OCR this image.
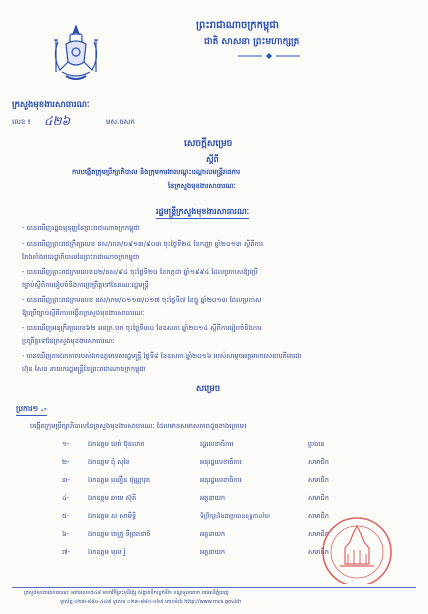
ព្រះរាជាណាចក្រកម្ពុជា
ជាតិ សាសនា ព្រះមហាក្សត្រ
ក្រសួងមុខងារសាធារណៈ
លេខ ៖ ៤២៦	មស.ចសក
សេចក្តីសម្រេច
ស្តីពី
ការបង្កើតក្រុមប្រឹក្សាភិបាល និងក្រុមការងារបណ្តុះបណ្តាលមន្ត្រីរាជការ
នៃក្រសួងមុខងារសាធារណៈ
រដ្ឋមន្ត្រីក្រសួងមុខងារសាធារណៈ
- បានឃើញរដ្ឋធម្មនុញ្ញនៃព្រះរាជាណាចក្រកម្ពុជា
- បានឃើញព្រះរាជក្រឹត្យលេខ នស/រកត/០៩១៣/៩០៣ ចុះថ្ងៃទី២៤ ខែកញ្ញា ឆ្នាំ២០១៣ ស្តីពីការ
តែងតាំងរាជរដ្ឋាភិបាលនៃព្រះរាជាណាចក្រកម្ពុជា
- បានឃើញព្រះរាជក្រមលេខ០២/នស/៩៤ ចុះថ្ងៃទី២០ ខែកក្កដា ឆ្នាំ១៩៩៤ ដែលប្រកាសឱ្យប្រើ
ច្បាប់ស្តីពីការរៀបចំនិងការប្រព្រឹត្តទៅនៃគណៈរដ្ឋមន្ត្រី
- បានឃើញព្រះរាជក្រមលេខ នស/រកម/០១១៣/០១៧ ចុះថ្ងៃទី៧ ខែធ្នូ ឆ្នាំ២០១៣ ដែលប្រកាស
ឱ្យប្រើច្បាប់ស្តីពីការបង្កើតក្រសួងមុខងារសាធារណៈ
- បានឃើញអនុក្រឹត្យលេខ៦២ អនក្រ.បក ចុះថ្ងៃទី៣០ ខែឧសភា ឆ្នាំ២០១៤ ស្តីពីការរៀបចំនិងការ
ប្រព្រឹត្តទៅនៃក្រសួងមុខងារសាធារណៈ
- បានឃើញការឯកភាពរបស់ឯកឧត្តមទេសរដ្ឋមន្ត្រី ថ្ងៃទី៨ ខែឧសភា ឆ្នាំ២០១៦ របស់សម្តេចអគ្គមហាសេនាបតីតេជោ
ហ៊ុន សែន នាយករដ្ឋមន្ត្រីនៃព្រះរាជាណាចក្រកម្ពុជា
សម្រេច
ប្រការ១ .-
បង្កើតក្រុមប្រឹក្សាភិបាលនៃក្រសួងមុខងារសាធារណៈ ដែលមានសមាសភាពដូចខាងក្រោម៖
១-	ឯកឧត្តម ឃត់ ប៊ុនលាភ	រដ្ឋលេខាធិការ	ប្រធាន
២-	ឯកឧត្តម ជុំ សុខៃ	អនុរដ្ឋលេខាធិការ	សមាជិក
៣-	ឯកឧត្តម ឈឿន ថុណ្ណារុត	អនុរដ្ឋលេខាធិការ	សមាជិក
៤-	ឯកឧត្តម ឆាយ ស៊ុតី	អគ្គនាយក	សមាជិក
៥-	ឯកឧត្តម ស សាមិទ្ធិ	ទីប្រឹក្សានិងជាប្រធានខុទ្ទកាល័យ	សមាជិក
៦-	ឯកឧត្តម ចេក្រូ ទីព្រតនាថ៍	អគ្គនាយក	សមាជិក
៧-	ឯកឧត្តម មុល រ៉ូ	អគ្គនាយក	សមាជិក
ក្រសួងមុខងារសាធារណៈ អគារលេខ៥៤៨ មហាវិថីព្រះមុនីវង្ស សង្កាត់ទឹកល្អក់ទី២ ខណ្ឌទួលគោក រាជធានីភ្នំពេញ
ទូរស័ព្ទ ០២៣-៨៨០-៤៤៧ ទូរសារ ០២៣-៨៨០-០៦៥ គេហទំព័រ http://www.mcs.gov.kh
